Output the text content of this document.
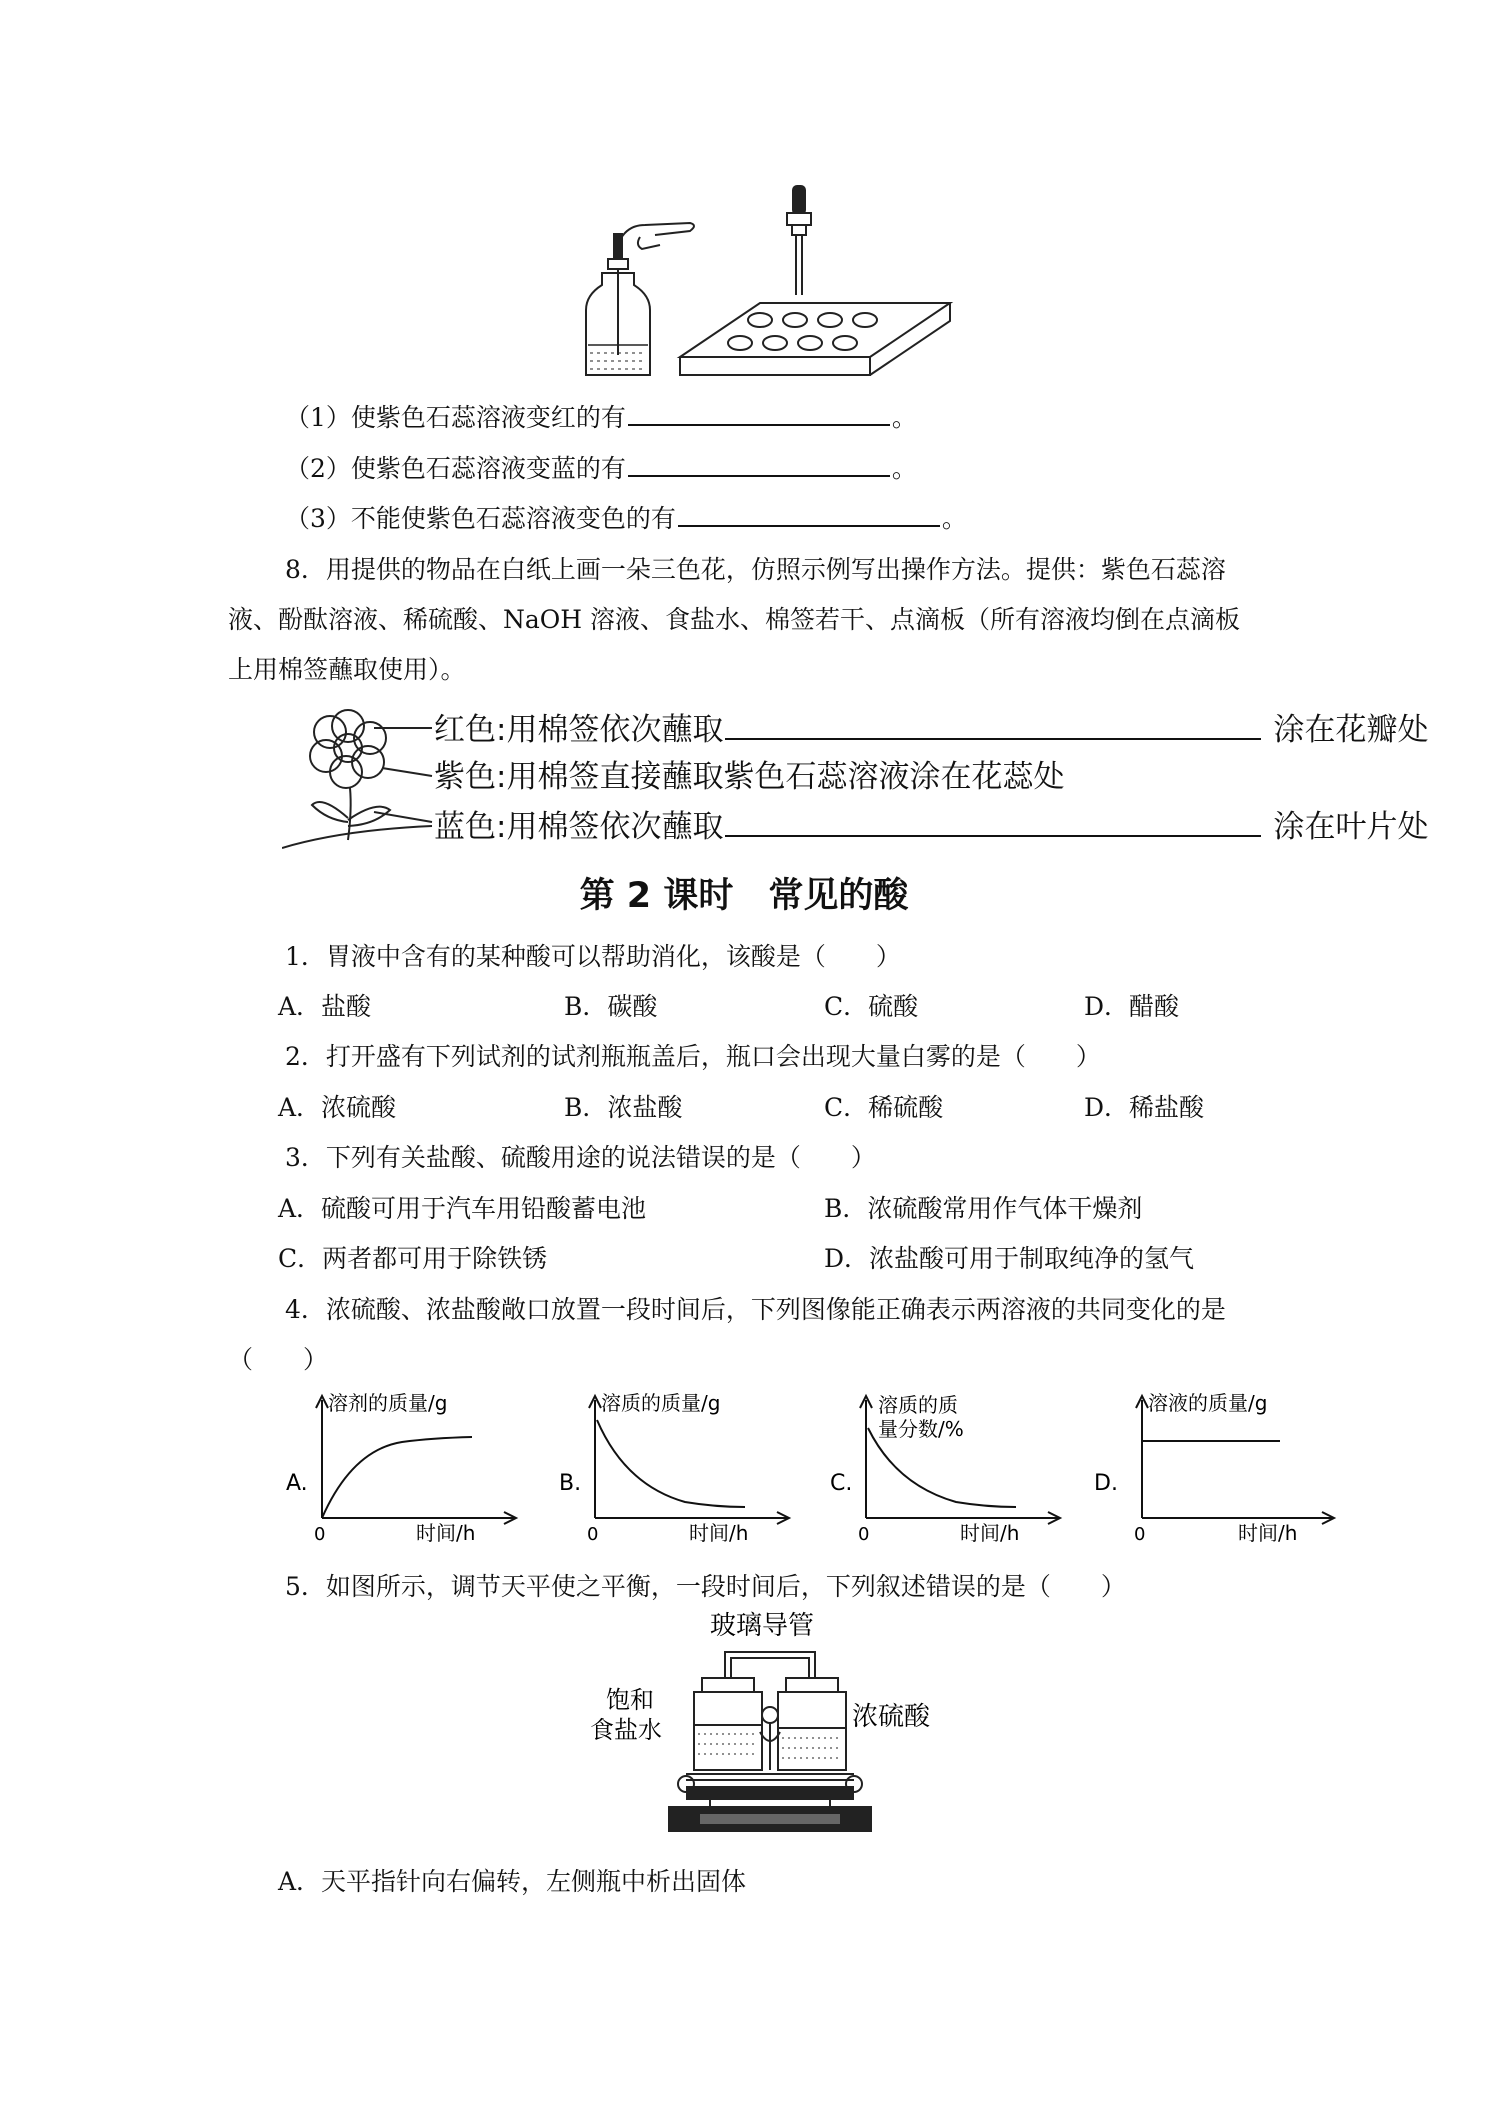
（1）使紫色石蕊溶液变红的有	。
（2）使紫色石蕊溶液变蓝的有	。
（3）不能使紫色石蕊溶液变色的有	。
8．用提供的物品在白纸上画一朵三色花，仿照示例写出操作方法。提供：紫色石蕊溶
液、酚酞溶液、稀硫酸、NaOH 溶液、食盐水、棉签若干、点滴板（所有溶液均倒在点滴板
上用棉签蘸取使用）。
红色:用棉签依次蘸取	涂在花瓣处
紫色:用棉签直接蘸取紫色石蕊溶液涂在花蕊处
蓝色:用棉签依次蘸取	涂在叶片处
第 2 课时　常见的酸
1．胃液中含有的某种酸可以帮助消化，该酸是（　　）
A．盐酸	B．碳酸	C．硫酸	D．醋酸
2．打开盛有下列试剂的试剂瓶瓶盖后，瓶口会出现大量白雾的是（　　）
A．浓硫酸	B．浓盐酸	C．稀硫酸	D．稀盐酸
3．下列有关盐酸、硫酸用途的说法错误的是（　　）
A．硫酸可用于汽车用铅酸蓄电池	B．浓硫酸常用作气体干燥剂
C．两者都可用于除铁锈	D．浓盐酸可用于制取纯净的氢气
4．浓硫酸、浓盐酸敞口放置一段时间后，下列图像能正确表示两溶液的共同变化的是
（　　）
A.
溶剂的质量/g
0	时间/h
B.
溶质的质量/g
0	时间/h
C.
溶质的质
量分数/%
0	时间/h
D.
溶液的质量/g
0	时间/h
5．如图所示，调节天平使之平衡，一段时间后，下列叙述错误的是（　　）
玻璃导管
饱和
食盐水	浓硫酸
A．天平指针向右偏转，左侧瓶中析出固体
